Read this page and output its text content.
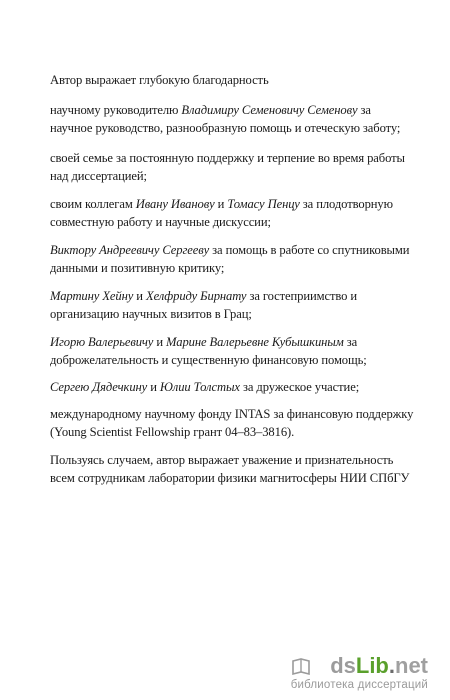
Автор выражает глубокую благодарность

научному руководителю Владимиру Семеновичу Семенову за научное руководство, разнообразную помощь и отеческую заботу;

своей семье за постоянную поддержку и терпение во время работы над диссертацией;

своим коллегам Ивану Иванову и Томасу Пенцу за плодотворную совместную работу и научные дискуссии;

Виктору Андреевичу Сергееву за помощь в работе со спутниковыми данными и позитивную критику;

Мартину Хейну и Хелфриду Бирнату за гостеприимство и организацию научных визитов в Грац;

Игорю Валерьевичу и Марине Валерьевне Кубышкиным за доброжелательность и существенную финансовую помощь;

Сергею Дядечкину и Юлии Толстых за дружеское участие;

международному научному фонду INTAS за финансовую поддержку (Young Scientist Fellowship грант 04–83–3816).

Пользуясь случаем, автор выражает уважение и признательность всем сотрудникам лаборатории физики магнитосферы НИИ СПбГУ

dsLib.net
библиотека диссертаций
